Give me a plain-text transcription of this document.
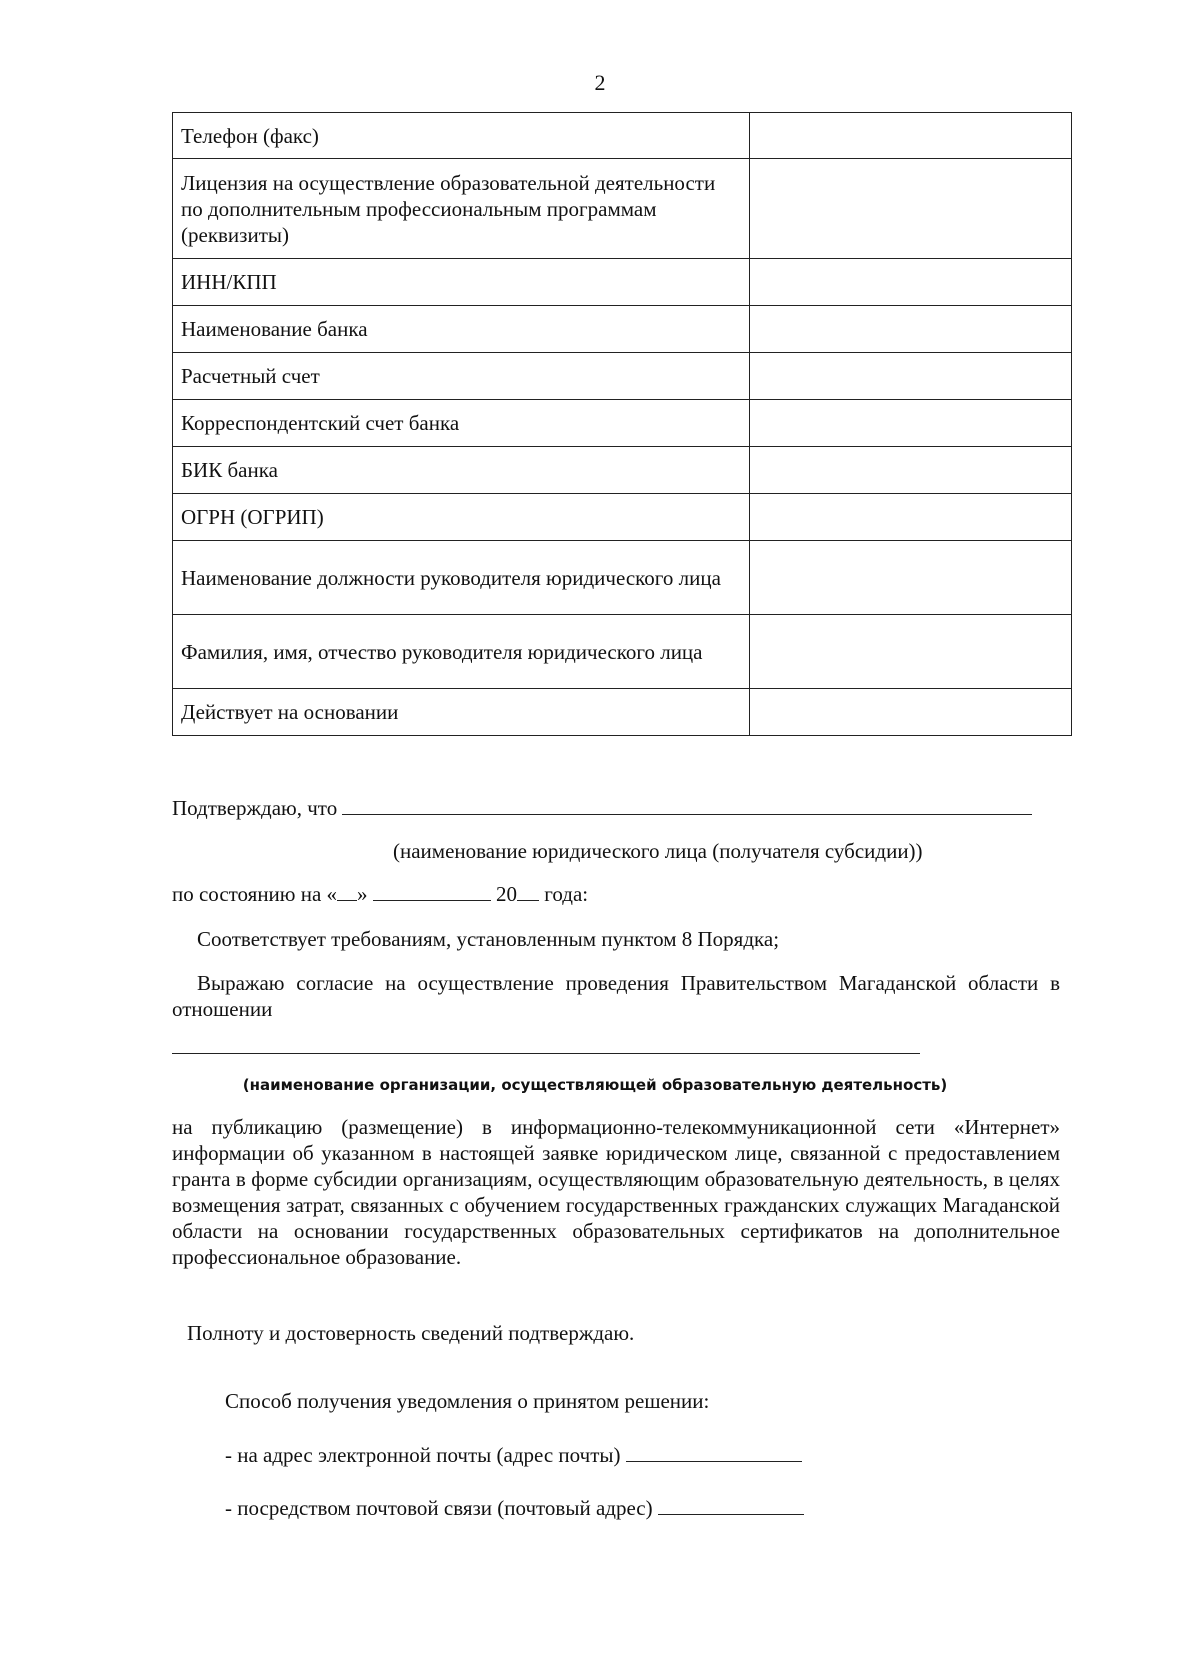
2
Телефон (факс)	
Лицензия на осуществление образовательной деятельности по дополнительным профессиональным программам (реквизиты)	
ИНН/КПП	
Наименование банка	
Расчетный счет	
Корреспондентский счет банка	
БИК банка	
ОГРН (ОГРИП)	
Наименование должности руководителя юридического лица	
Фамилия, имя, отчество руководителя юридического лица	
Действует на основании	
Подтверждаю, что
(наименование юридического лица (получателя субсидии))
по состоянию на « »	20 года:
Соответствует требованиям, установленным пунктом 8 Порядка;
Выражаю согласие на осуществление проведения Правительством Магаданской области в отношении
(наименование организации, осуществляющей образовательную деятельность)
на публикацию (размещение) в информационно-телекоммуникационной сети «Интернет» информации об указанном в настоящей заявке юридическом лице, связанной с предоставлением гранта в форме субсидии организациям, осуществляющим образовательную деятельность, в целях возмещения затрат, связанных с обучением государственных гражданских служащих Магаданской области на основании государственных образовательных сертификатов на дополнительное профессиональное образование.
Полноту и достоверность сведений подтверждаю.
Способ получения уведомления о принятом решении:
- на адрес электронной почты (адрес почты)
- посредством почтовой связи (почтовый адрес)
